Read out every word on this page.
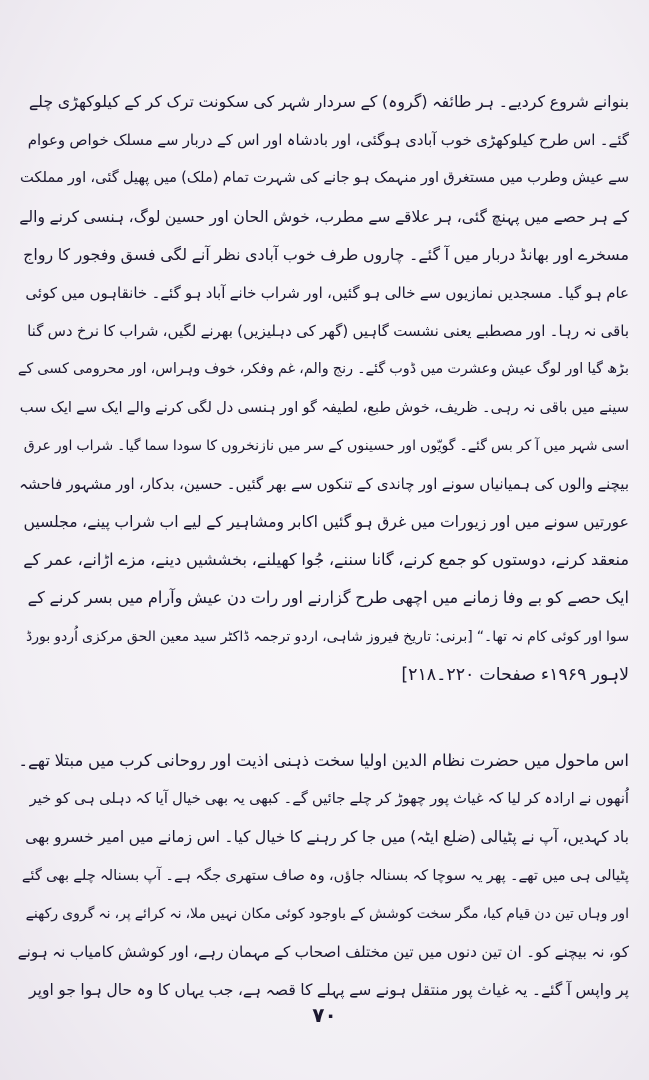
بنوانے شروع کردیے۔ ہر طائفہ (گروہ) کے سردار شہر کی سکونت ترک کر کے کیلوکھڑی چلے
گئے۔ اس طرح کیلوکھڑی خوب آبادی ہوگئی، اور بادشاہ اور اس کے دربار سے مسلک خواص وعوام
سے عیش وطرب میں مستغرق اور منہمک ہو جانے کی شہرت تمام (ملک) میں پھیل گئی، اور مملکت
کے ہر حصے میں پہنچ گئی، ہر علاقے سے مطرب، خوش الحان اور حسین لوگ، ہنسی کرنے والے
مسخرے اور بھانڈ دربار میں آ گئے۔ چاروں طرف خوب آبادی نظر آنے لگی فسق وفجور کا رواج
عام ہو گیا۔ مسجدیں نمازیوں سے خالی ہو گئیں، اور شراب خانے آباد ہو گئے۔ خانقاہوں میں کوئی
باقی نہ رہا۔ اور مصطبے یعنی نشست گاہیں (گھر کی دہلیزیں) بھرنے لگیں، شراب کا نرخ دس گنا
بڑھ گیا اور لوگ عیش وعشرت میں ڈوب گئے۔ رنج والم، غم وفکر، خوف وہراس، اور محرومی کسی کے
سینے میں باقی نہ رہی۔ ظریف، خوش طبع، لطیفہ گو اور ہنسی دل لگی کرنے والے ایک سے ایک سب
اسی شہر میں آ کر بس گئے۔ گویّوں اور حسینوں کے سر میں نازنخروں کا سودا سما گیا۔ شراب اور عرق
بیچنے والوں کی ہمیانیاں سونے اور چاندی کے تنکوں سے بھر گئیں۔ حسین، بدکار، اور مشہور فاحشہ
عورتیں سونے میں اور زیورات میں غرق ہو گئیں اکابر ومشاہیر کے لیے اب شراب پینے، مجلسیں
منعقد کرنے، دوستوں کو جمع کرنے، گانا سننے، جُوا کھیلنے، بخششیں دینے، مزے اڑانے، عمر کے
ایک حصے کو بے وفا زمانے میں اچھی طرح گزارنے اور رات دن عیش وآرام میں بسر کرنے کے
سوا اور کوئی کام نہ تھا۔“ [برنی: تاریخ فیروز شاہی، اردو ترجمہ ڈاکٹر سید معین الحق مرکزی اُردو بورڈ
لاہور ۱۹۶۹ء صفحات ۲۲۰۔۲۱۸]
اس ماحول میں حضرت نظام الدین اولیا سخت ذہنی اذیت اور روحانی کرب میں مبتلا تھے۔
اُنھوں نے ارادہ کر لیا کہ غیاث پور چھوڑ کر چلے جائیں گے۔ کبھی یہ بھی خیال آیا کہ دہلی ہی کو خیر
باد کہدیں، آپ نے پٹیالی (ضلع ایٹہ) میں جا کر رہنے کا خیال کیا۔ اس زمانے میں امیر خسرو بھی
پٹیالی ہی میں تھے۔ پھر یہ سوچا کہ بسنالہ جاؤں، وہ صاف ستھری جگہ ہے۔ آپ بسنالہ چلے بھی گئے
اور وہاں تین دن قیام کیا، مگر سخت کوشش کے باوجود کوئی مکان نہیں ملا، نہ کرائے پر، نہ گروی رکھنے
کو، نہ بیچنے کو۔ ان تین دنوں میں تین مختلف اصحاب کے مہمان رہے، اور کوشش کامیاب نہ ہونے
پر واپس آ گئے۔ یہ غیاث پور منتقل ہونے سے پہلے کا قصہ ہے، جب یہاں کا وہ حال ہوا جو اوپر
۷۰
